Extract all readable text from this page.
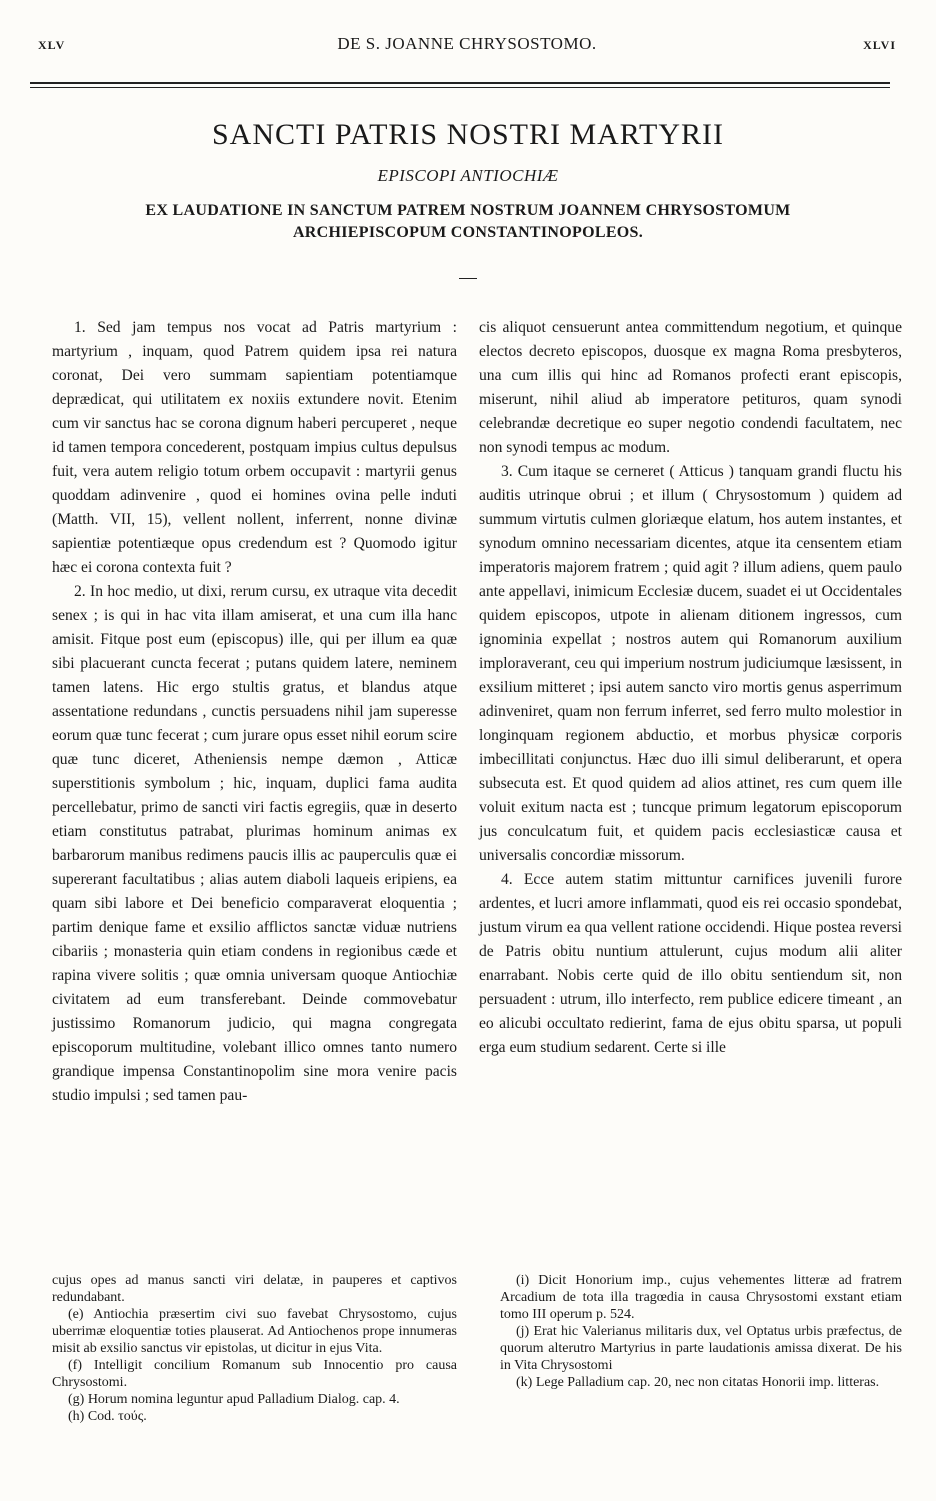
XLV	DE S. JOANNE CHRYSOSTOMO.	XLVI
SANCTI PATRIS NOSTRI MARTYRII
EPISCOPI ANTIOCHIÆ
EX LAUDATIONE IN SANCTUM PATREM NOSTRUM JOANNEM CHRYSOSTOMUM
ARCHIEPISCOPUM CONSTANTINOPOLEOS.

1. Sed jam tempus nos vocat ad Patris martyrium : martyrium , inquam, quod Patrem quidem ipsa rei natura coronat, Dei vero summam sapientiam potentiamque deprædicat, qui utilitatem ex noxiis extundere novit. Etenim cum vir sanctus hac se corona dignum haberi percuperet , neque id tamen tempora concederent, postquam impius cultus depulsus fuit, vera autem religio totum orbem occupavit : martyrii genus quoddam adinvenire , quod ei homines ovina pelle induti (Matth. VII, 15), vellent nollent, inferrent, nonne divinæ sapientiæ potentiæque opus credendum est ? Quomodo igitur hæc ei corona contexta fuit ?

2. In hoc medio, ut dixi, rerum cursu, ex utraque vita decedit senex ; is qui in hac vita illam amiserat, et una cum illa hanc amisit. Fitque post eum (episcopus) ille, qui per illum ea quæ sibi placuerant cuncta fecerat ; putans quidem latere, neminem tamen latens. Hic ergo stultis gratus, et blandus atque assentatione redundans , cunctis persuadens nihil jam superesse eorum quæ tunc fecerat ; cum jurare opus esset nihil eorum scire quæ tunc diceret, Atheniensis nempe dæmon , Atticæ superstitionis symbolum ; hic, inquam, duplici fama audita percellebatur, primo de sancti viri factis egregiis, quæ in deserto etiam constitutus patrabat, plurimas hominum animas ex barbarorum manibus redimens paucis illis ac pauperculis quæ ei supererant facultatibus ; alias autem diaboli laqueis eripiens, ea quam sibi labore et Dei beneficio comparaverat eloquentia ; partim denique fame et exsilio afflictos sanctæ viduæ nutriens cibariis ; monasteria quin etiam condens in regionibus cæde et rapina vivere solitis ; quæ omnia universam quoque Antiochiæ civitatem ad eum transferebant. Deinde commovebatur justissimo Romanorum judicio, qui magna congregata episcoporum multitudine, volebant illico omnes tanto numero grandique impensa Constantinopolim sine mora venire pacis studio impulsi ; sed tamen pau-

cis aliquot censuerunt antea committendum negotium, et quinque electos decreto episcopos, duosque ex magna Roma presbyteros, una cum illis qui hinc ad Romanos profecti erant episcopis, miserunt, nihil aliud ab imperatore petituros, quam synodi celebrandæ decretique eo super negotio condendi facultatem, nec non synodi tempus ac modum.

3. Cum itaque se cerneret ( Atticus ) tanquam grandi fluctu his auditis utrinque obrui ; et illum ( Chrysostomum ) quidem ad summum virtutis culmen gloriæque elatum, hos autem instantes, et synodum omnino necessariam dicentes, atque ita censentem etiam imperatoris majorem fratrem ; quid agit ? illum adiens, quem paulo ante appellavi, inimicum Ecclesiæ ducem, suadet ei ut Occidentales quidem episcopos, utpote in alienam ditionem ingressos, cum ignominia expellat ; nostros autem qui Romanorum auxilium imploraverant, ceu qui imperium nostrum judiciumque læsissent, in exsilium mitteret ; ipsi autem sancto viro mortis genus asperrimum adinveniret, quam non ferrum inferret, sed ferro multo molestior in longinquam regionem abductio, et morbus physicæ corporis imbecillitati conjunctus. Hæc duo illi simul deliberarunt, et opera subsecuta est. Et quod quidem ad alios attinet, res cum quem ille voluit exitum nacta est ; tuncque primum legatorum episcoporum jus conculcatum fuit, et quidem pacis ecclesiasticæ causa et universalis concordiæ missorum.

4. Ecce autem statim mittuntur carnifices juvenili furore ardentes, et lucri amore inflammati, quod eis rei occasio spondebat, justum virum ea qua vellent ratione occidendi. Hique postea reversi de Patris obitu nuntium attulerunt, cujus modum alii aliter enarrabant. Nobis certe quid de illo obitu sentiendum sit, non persuadent : utrum, illo interfecto, rem publice edicere timeant , an eo alicubi occultato redierint, fama de ejus obitu sparsa, ut populi erga eum studium sedarent. Certe si ille

cujus opes ad manus sancti viri delatæ, in pauperes et captivos redundabant.

(e) Antiochia præsertim civi suo favebat Chrysostomo, cujus uberrimæ eloquentiæ toties plauserat. Ad Antiochenos prope innumeras misit ab exsilio sanctus vir epistolas, ut dicitur in ejus Vita.

(f) Intelligit concilium Romanum sub Innocentio pro causa Chrysostomi.

(g) Horum nomina leguntur apud Palladium Dialog. cap. 4.

(h) Cod. τούς.

(i) Dicit Honorium imp., cujus vehementes litteræ ad fratrem Arcadium de tota illa tragœdia in causa Chrysostomi exstant etiam tomo III operum p. 524.

(j) Erat hic Valerianus militaris dux, vel Optatus urbis præfectus, de quorum alterutro Martyrius in parte laudationis amissa dixerat. De his in Vita Chrysostomi

(k) Lege Palladium cap. 20, nec non citatas Honorii imp. litteras.
